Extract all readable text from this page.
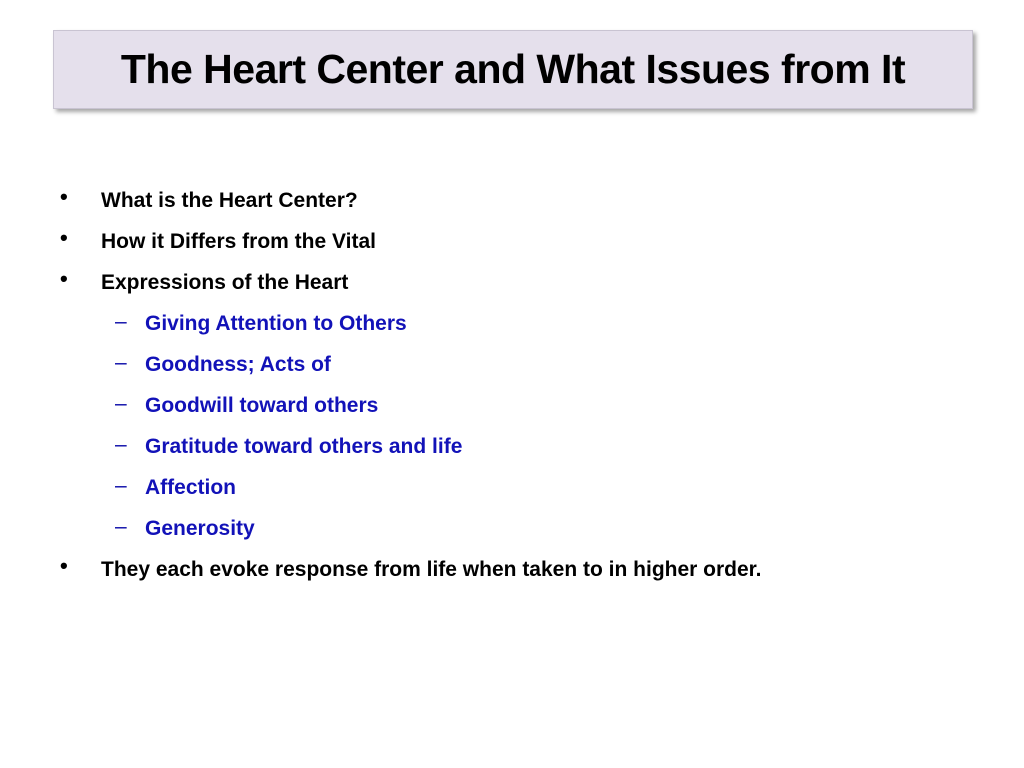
The Heart Center and What Issues from It
• What is the Heart Center?
• How it Differs from the Vital
• Expressions of the Heart
– Giving Attention to Others
– Goodness; Acts of
– Goodwill toward others
– Gratitude toward others and life
– Affection
– Generosity
• They each evoke response from life when taken to in higher order.
